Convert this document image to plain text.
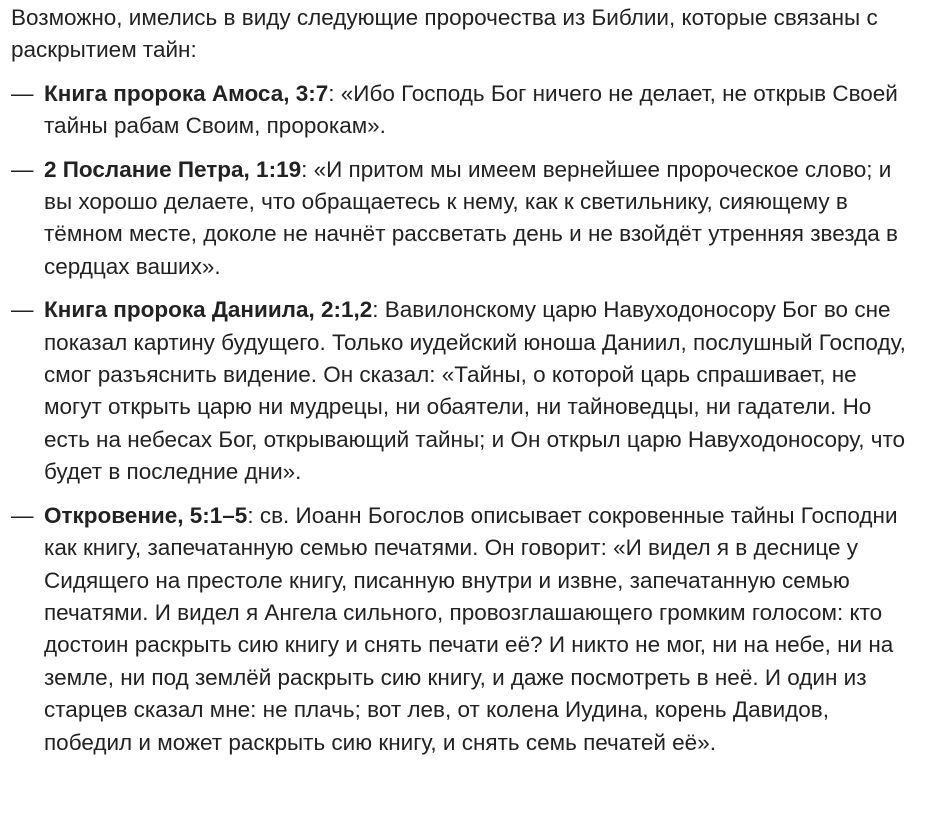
Возможно, имелись в виду следующие пророчества из Библии, которые связаны с раскрытием тайн:
— Книга пророка Амоса, 3:7: «Ибо Господь Бог ничего не делает, не открыв Своей тайны рабам Своим, пророкам».
— 2 Послание Петра, 1:19: «И притом мы имеем вернейшее пророческое слово; и вы хорошо делаете, что обращаетесь к нему, как к светильнику, сияющему в тёмном месте, доколе не начнёт рассветать день и не взойдёт утренняя звезда в сердцах ваших».
— Книга пророка Даниила, 2:1,2: Вавилонскому царю Навуходоносору Бог во сне показал картину будущего. Только иудейский юноша Даниил, послушный Господу, смог разъяснить видение. Он сказал: «Тайны, о которой царь спрашивает, не могут открыть царю ни мудрецы, ни обаятели, ни тайноведцы, ни гадатели. Но есть на небесах Бог, открывающий тайны; и Он открыл царю Навуходоносору, что будет в последние дни».
— Откровение, 5:1–5: св. Иоанн Богослов описывает сокровенные тайны Господни как книгу, запечатанную семью печатями. Он говорит: «И видел я в деснице у Сидящего на престоле книгу, писанную внутри и извне, запечатанную семью печатями. И видел я Ангела сильного, провозглашающего громким голосом: кто достоин раскрыть сию книгу и снять печати её? И никто не мог, ни на небе, ни на земле, ни под землёй раскрыть сию книгу, и даже посмотреть в неё. И один из старцев сказал мне: не плачь; вот лев, от колена Иудина, корень Давидов, победил и может раскрыть сию книгу, и снять семь печатей её».
